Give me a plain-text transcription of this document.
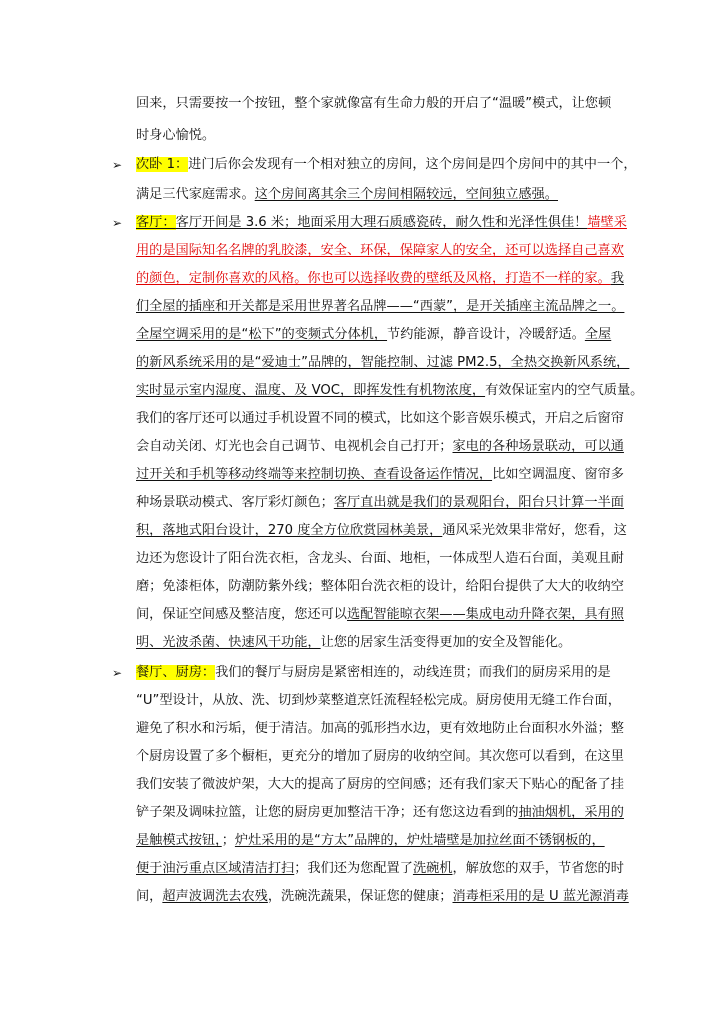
回来，只需要按一个按钮，整个家就像富有生命力般的开启了“温暖”模式，让您顿
时身心愉悦。
➢ 次卧 1：进门后你会发现有一个相对独立的房间，这个房间是四个房间中的其中一个，
满足三代家庭需求。这个房间离其余三个房间相隔较远，空间独立感强。
➢ 客厅：客厅开间是 3.6 米；地面采用大理石质感瓷砖，耐久性和光泽性俱佳！墙壁采
用的是国际知名名牌的乳胶漆，安全、环保，保障家人的安全，还可以选择自己喜欢
的颜色，定制你喜欢的风格。你也可以选择收费的壁纸及风格，打造不一样的家。我
们全屋的插座和开关都是采用世界著名品牌——“西蒙”，是开关插座主流品牌之一。
全屋空调采用的是“松下”的变频式分体机，节约能源，静音设计，冷暖舒适。全屋
的新风系统采用的是“爱迪士”品牌的，智能控制、过滤 PM2.5，全热交换新风系统，
实时显示室内湿度、温度、及 VOC，即挥发性有机物浓度，有效保证室内的空气质量。
我们的客厅还可以通过手机设置不同的模式，比如这个影音娱乐模式，开启之后窗帘
会自动关闭、灯光也会自己调节、电视机会自己打开；家电的各种场景联动，可以通
过开关和手机等移动终端等来控制切换、查看设备运作情况，比如空调温度、窗帘多
种场景联动模式、客厅彩灯颜色；客厅直出就是我们的景观阳台，阳台只计算一半面
积，落地式阳台设计，270 度全方位欣赏园林美景，通风采光效果非常好，您看，这
边还为您设计了阳台洗衣柜，含龙头、台面、地柜，一体成型人造石台面，美观且耐
磨；免漆柜体，防潮防紫外线；整体阳台洗衣柜的设计，给阳台提供了大大的收纳空
间，保证空间感及整洁度，您还可以选配智能晾衣架——集成电动升降衣架，具有照
明、光波杀菌、快速风干功能，让您的居家生活变得更加的安全及智能化。
➢ 餐厅、厨房：我们的餐厅与厨房是紧密相连的，动线连贯；而我们的厨房采用的是
“U”型设计，从放、洗、切到炒菜整道烹饪流程轻松完成。厨房使用无缝工作台面，
避免了积水和污垢，便于清洁。加高的弧形挡水边，更有效地防止台面积水外溢；整
个厨房设置了多个橱柜，更充分的增加了厨房的收纳空间。其次您可以看到，在这里
我们安装了微波炉架，大大的提高了厨房的空间感；还有我们家天下贴心的配备了挂
铲子架及调味拉篮，让您的厨房更加整洁干净；还有您这边看到的抽油烟机，采用的
是触模式按钮，；炉灶采用的是“方太”品牌的，炉灶墙壁是加拉丝面不锈钢板的，
便于油污重点区域清洁打扫；我们还为您配置了洗碗机，解放您的双手，节省您的时
间，超声波调洗去农残，洗碗洗蔬果，保证您的健康；消毒柜采用的是 U 蓝光源消毒
